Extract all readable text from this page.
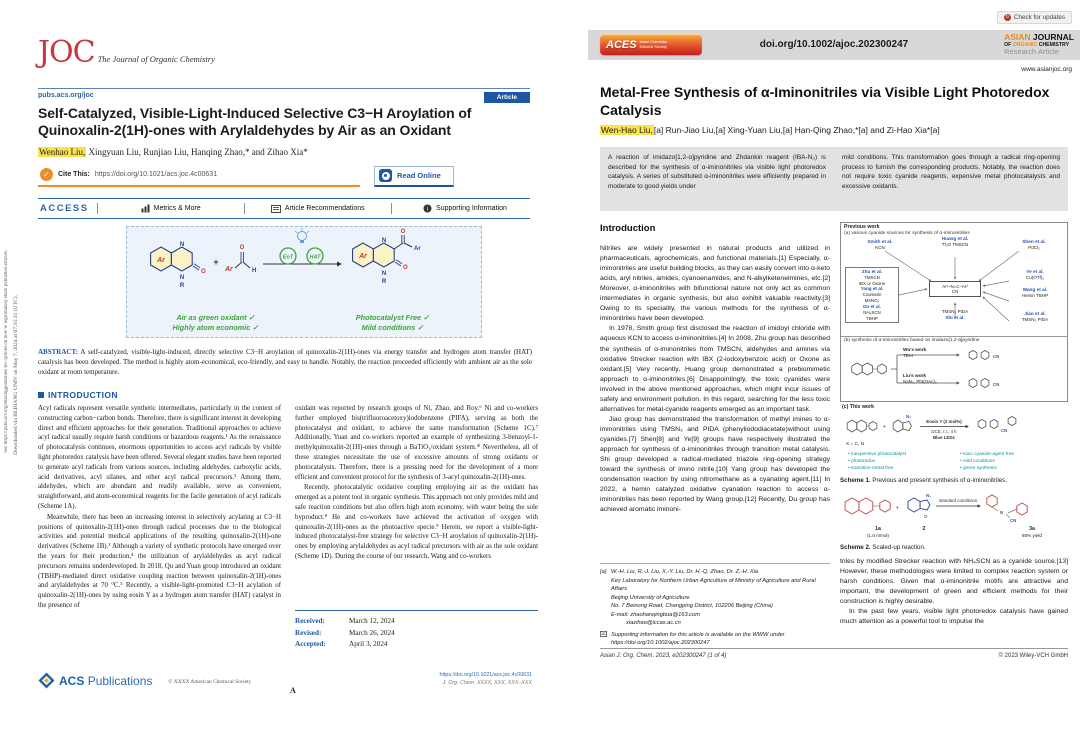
Downloaded via BEIHANG UNIV on May 7, 2024 at 07:35:31 (UTC).
See https://pubs.acs.org/sharingguidelines for options on how to legitimately share published articles.
JOC The Journal of Organic Chemistry
pubs.acs.org/joc	Article
Self-Catalyzed, Visible-Light-Induced Selective C3−H Aroylation of Quinoxalin-2(1H)-ones with Arylaldehydes by Air as an Oxidant
Wenhao Liu, Xingyuan Liu, Runjiao Liu, Hanqing Zhao,* and Zihao Xia*
✓	Cite This: https://doi.org/10.1021/acs.joc.4c00631	Read Online
ACCESS	Metrics & More	Article Recommendations	i Supporting Information
Ar
N
N
R
O
+
Ar
O
H
EnT	HAT	Ar
N
O
Ar
N
R
O
Air as green oxidant ✓	Photocatalyst Free ✓
Highly atom economic ✓	Mild conditions ✓
ABSTRACT: A self-catalyzed, visible-light-induced, directly selective C3−H aroylation of quinoxalin-2(1H)-ones via energy transfer and hydrogen atom transfer (HAT) catalysis has been developed. The method is highly atom-economical, eco-friendly, and easy to handle. Notably, the reaction proceeded efficiently with ambient air as the sole oxidant at room temperature.
INTRODUCTION

Acyl radicals represent versatile synthetic intermediates, particularly in the context of constructing carbon−carbon bonds. Therefore, there is significant interest in developing direct and efficient approaches for their generation. Traditional approaches to achieve acyl radical usually require harsh conditions or hazardous reagents.¹ As the renaissance of photocatalysis continues, enormous opportunities to access acyl radicals by visible light photoredox catalysis have been offered. Several elegant studies have been reported to generate acyl radicals from various sources, including aldehydes, carboxylic acids, acid derivatives, acyl silanes, and other acyl radical precursors.² Among them, aldehydes, which are abundant and readily available, serve as convenient, straightforward, and atom-economical reagents for the facile generation of acyl radicals (Scheme 1A).

Meanwhile, there has been an increasing interest in selectively acylating at C3−H positions of quinoxalin-2(1H)-ones through radical processes due to the biological activities and potential medical applications of the resulting quinoxalin-2(1H)-one derivatives (Scheme 1B).³ Although a variety of synthetic protocols have emerged over the years for their production,⁴ the utilization of arylaldehydes as acyl radical precursors remains underdeveloped. In 2018, Qu and Yuan group introduced an oxidant (TBHP)-mediated direct oxidative coupling reaction between quinoxalin-2(1H)-ones and arylaldehydes at 70 °C.⁵ Recently, a visible-light-promoted C3−H acylation of quinoxalin-2(1H)-ones by using eosin Y as a hydrogen atom transfer (HAT) catalyst in the presence of

oxidant was reported by research groups of Ni, Zhao, and Roy.⁶ Ni and co-workers further employed bis(trifluoroacetoxy)iodobenzene (PIFA), serving as both the photocatalyst and oxidant, to achieve the same transformation (Scheme 1C).⁷ Additionally, Yuan and co-workers reported an example of synthesizing 3-benzoyl-1-methylquinoxalin-2(1H)-ones through a BaTiO₃/oxidant system.⁴ⁱ Nevertheless, all of these strategies necessitate the use of excessive amounts of strong oxidants or photocatalysts. Therefore, there is a pressing need for the development of a more efficient and convenient protocol for the synthesis of 3-acyl quinoxalin-2(1H)-ones.

Recently, photocatalytic oxidative coupling employing air as the oxidant has emerged as a potent tool in organic synthesis. This approach not only provides mild and safe reaction conditions but also offers high atom economy, with water being the sole byproduct.⁸ He and co-workers have achieved the activation of oxygen with quinoxalin-2(1H)-ones as the photoactive specie.⁹ Herein, we report a visible-light-induced photocatalyst-free strategy for selective C3−H aroylation of quinoxalin-2(1H)-ones by employing arylaldehydes as acyl radical precursors with air as the sole oxidant (Scheme 1D). During the course of our research, Wang and co-workers

Received:	March 12, 2024
Revised:	March 26, 2024
Accepted:	April 3, 2024
ACS Publications	© XXXX American Chemical Society
A
https://doi.org/10.1021/acs.joc.4c00631
J. Org. Chem. XXXX, XXX, XXX−XXX
↻ Check for updates
ACES Asian Chemistry
Editorial Society	doi.org/10.1002/ajoc.202300247
ASIAN JOURNAL
OF ORGANIC CHEMISTRY
Research Article
www.asianjoc.org
Metal-Free Synthesis of α-Iminonitriles via Visible Light Photoredox Catalysis
Wen-Hao Liu,[a] Run-Jiao Liu,[a] Xing-Yuan Liu,[a] Han-Qing Zhao,*[a] and Zi-Hao Xia*[a]
A reaction of imidazo[1,2-α]pyridine and Zhdankin reagent (IBA-N₃) is described for the synthesis of α-iminonitriles via visible light photoredox catalysis. A series of substituted α-iminonitriles were efficiently prepared in moderate to good yields under
mild conditions. This transformation goes through a radical ring-opening process to furnish the corresponding products. Notably, the reaction does not require toxic cyanide reagents, expensive metal photocatalysts and excessive oxidants.
Introduction

Nitriles are widely presented in natural products and utilized in pharmaceuticals, agrochemicals, and functional materials.[1] Especially, α-iminonitriles are useful building blocks, as they can easily convert into α-keto acids, aryl nitriles, amides, cyanoenamides, and N-alkylketeneimines, etc.[2] Moreover, α-iminonitriles with bifunctional nature not only act as common intermediates in organic synthesis, but also exhibit valuable reactivity.[3] Owing to its speciality, the various methods for the synthesis of α-iminonitriles have been developed.

In 1978, Smith group first disclosed the reaction of imidoyl chloride with aqueous KCN to access α-iminonitriles.[4] In 2008, Zhu group has described the synthesis of α-iminonitriles from TMSCN, aldehydes and amines via oxidative Strecker reaction with IBX (2-iodoxybenzoic acid) or Oxone as oxidant.[5] Very recently, Huang group demonstrated a prebiomimetic approach to α-iminonitriles.[6] Disappointingly, the toxic cyanides were involved in the above mentioned approaches, which might incur issues of safety and environment pollution. In this regard, searching for the less toxic alternatives for metal-cyanide reagents emerged as an important task.

Jiao group has demonstrated the transformation of methyl imines to α-iminonitriles using TMSN₃ and PIDA (phenyliododiacetate)without using cyanides.[7] Shen[8] and Ye[9] groups have respectively illustrated the approach for synthesis of α-iminonitriles through transition metal catalysis. Shi group developed a radical-mediated triazole ring-opening strategy toward the synthesis of imino nitrile.[10] Yang group has developed the condensation reaction by using nitromethane as a cyanating agent.[11] In 2022, a hemin catalyzed oxidative cyanation reaction to access α-iminonitriles has been reported by Wang group.[12] Recently, Du group has achieved aromatic iminoni-

[a] W.-H. Liu, R.-J. Liu, X.-Y. Liu, Dr. H.-Q. Zhao, Dr. Z.-H. Xia
Key Laboratory for Northern Urban Agriculture of Ministry of Agriculture and Rural Affairs
Beijing University of Agriculture
No. 7 Beinong Road, Changping District, 102206 Beijing (China)
E-mail: zhaohanqingbua@163.com
xiazihao@iccas.ac.cn
Supporting information for this article is available on the WWW under https://doi.org/10.1002/ajoc.202300247
Previous work
(a) various cyanide sources for synthesis of α-iminonitriles
Smith et al.
KCN
Huang et al.
Tf₂O TMSCN
Shen et al.
PdCl₂
Zhu et al.
TMSCN
IBX or Oxone
Yang et al.
Coumarin
MeNO₂
Du et al.
NH₄SCN
TBHP
Ar¹–N=C–Ar²
CN
Ye et al.
Cu(OTf)₂
Wang et al.
Hemin TBHP
Jiao et al.
TMSN₃ PIDA
TMSN₃ PIDA
Shi et al.
(b) synthesis of α-iminonitriles based on imidazo[1,2-a]pyridine
CN
CN
Wu's work
TBAI
Liu's work
NaN₃, PhI(OAc)₂
(c) This work
+
N₃
Eosin Y (2 mol%)
DCE, r.t., 4 h
Blue LEDs
CN
X = C, N
• inexpensive photocatalyst
• photoredox
• transition-metal free
• toxic cyanide-agent free
• mild conditions
• green synthesis
Scheme 1. Previous and present synthesis of α-iminonitriles.
+
N₃
O
standard conditions
N
CN
1a
(1.0 mmol)
2	3a
80% yield
Scheme 2. Scaled-up reaction.

triles by modified Strecker reaction with NH₄SCN as a cyanide source.[13] However, these methodologies were limited to complex reaction system or harsh conditions. Given that α-iminonitrile motifs are attractive and important, the development of green and efficient methods for their construction is highly desirable.

In the past few years, visible light photoredox catalysis have gained much attention as a powerful tool to impulse the

Asian J. Org. Chem. 2023, e202300247 (1 of 4)	© 2023 Wiley-VCH GmbH
